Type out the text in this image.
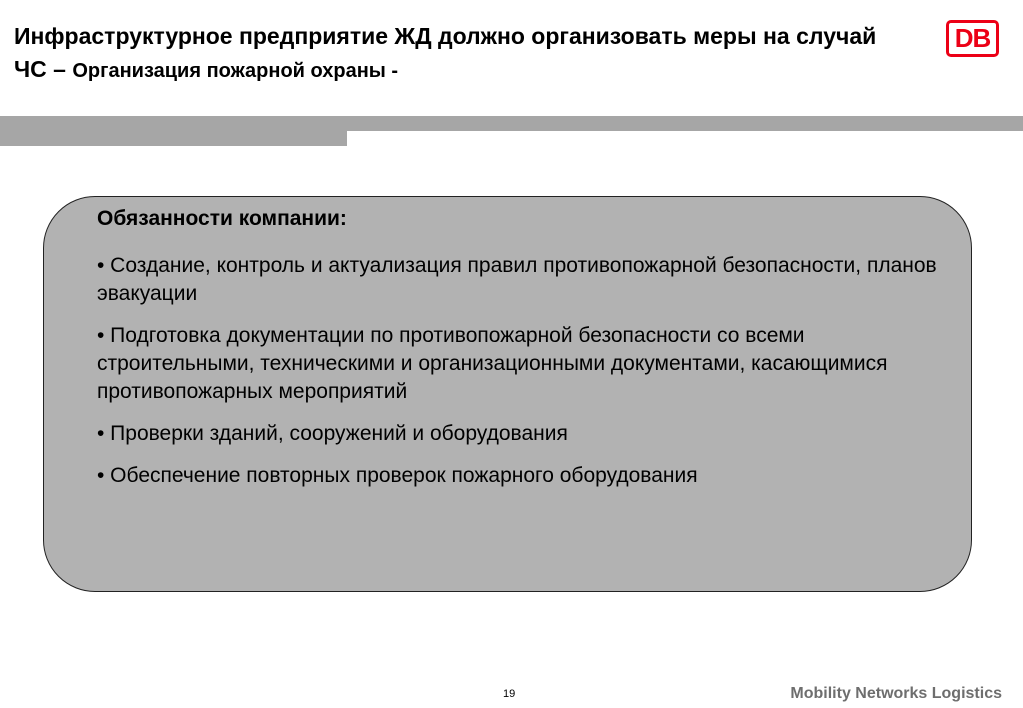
Инфраструктурное предприятие ЖД должно организовать меры на случай ЧС – Организация пожарной охраны -
DB

Обязанности компании:

• Создание, контроль и актуализация правил противопожарной безопасности, планов эвакуации

• Подготовка документации по противопожарной безопасности со всеми строительными, техническими и организационными документами, касающимися противопожарных мероприятий

• Проверки зданий, сооружений и оборудования

• Обеспечение повторных проверок пожарного оборудования

19	Mobility Networks Logistics
